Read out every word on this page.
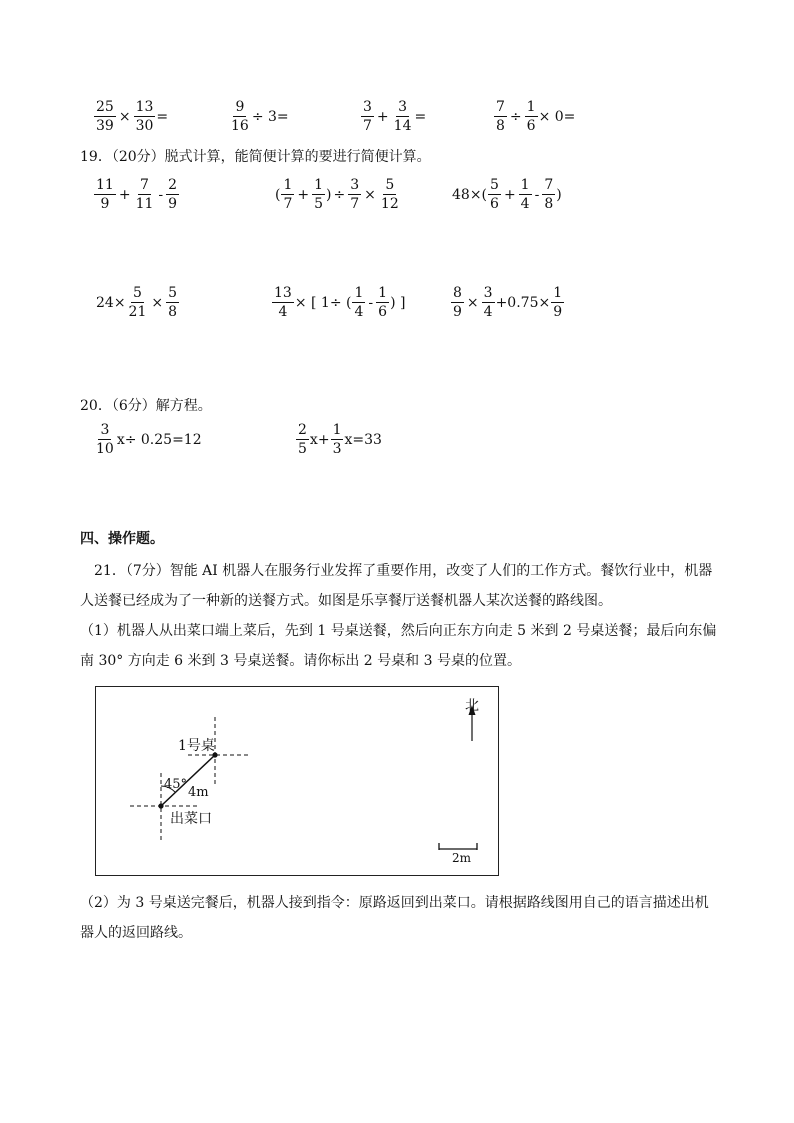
$\frac{25}{39} \times \frac{13}{30}$ =	$\frac{9}{16} \div 3=$	$\frac{3}{7} + \frac{3}{14}$ =	$\frac{7}{8} \div \frac{1}{6} \times 0=$
19．（20分）脱式计算，能简便计算的要进行简便计算。
$\frac{11}{9} + \frac{7}{11} - \frac{2}{9}$	( $\frac{1}{7} + \frac{1}{5}$ ) ÷ $\frac{3}{7} \times \frac{5}{12}$	48× ( $\frac{5}{6} + \frac{1}{4} - \frac{7}{8}$ )
$24\times \frac{5}{21} \times \frac{5}{8}$	$\frac{13}{4}$ × [ 1÷ ( $\frac{1}{4} - \frac{1}{6}$ ) ]	$\frac{8}{9} \times \frac{3}{4} +0.75\times \frac{1}{9}$
20．（6分）解方程。
$\frac{3}{10} x\div 0.25=12$	$\frac{2}{5} x+ \frac{1}{3} x=33$
四、操作题。
21．（7分）智能 AI 机器人在服务行业发挥了重要作用，改变了人们的工作方式。餐饮行业中，机器
人送餐已经成为了一种新的送餐方式。如图是乐享餐厅送餐机器人某次送餐的路线图。
（1）机器人从出菜口端上菜后，先到 1 号桌送餐，然后向正东方向走 5 米到 2 号桌送餐；最后向东偏
南 30° 方向走 6 米到 3 号桌送餐。请你标出 2 号桌和 3 号桌的位置。
北
1号桌
45°
4m
出菜口
2m
（2）为 3 号桌送完餐后，机器人接到指令：原路返回到出菜口。请根据路线图用自己的语言描述出机
器人的返回路线。
